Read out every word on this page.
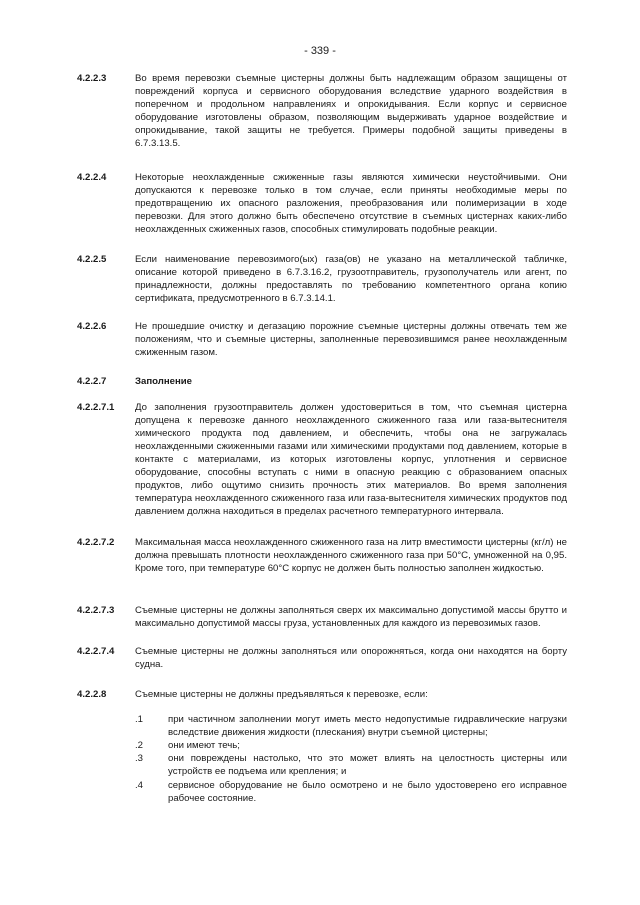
- 339 -
4.2.2.3	Во время перевозки съемные цистерны должны быть надлежащим образом защищены от повреждений корпуса и сервисного оборудования вследствие ударного воздействия в поперечном и продольном направлениях и опрокидывания. Если корпус и сервисное оборудование изготовлены образом, позволяющим выдерживать ударное воздействие и опрокидывание, такой защиты не требуется. Примеры подобной защиты приведены в 6.7.3.13.5.
4.2.2.4	Некоторые неохлажденные сжиженные газы являются химически неустойчивыми. Они допускаются к перевозке только в том случае, если приняты необходимые меры по предотвращению их опасного разложения, преобразования или полимеризации в ходе перевозки. Для этого должно быть обеспечено отсутствие в съемных цистернах каких-либо неохлажденных сжиженных газов, способных стимулировать подобные реакции.
4.2.2.5	Если наименование перевозимого(ых) газа(ов) не указано на металлической табличке, описание которой приведено в 6.7.3.16.2, грузоотправитель, грузополучатель или агент, по принадлежности, должны предоставлять по требованию компетентного органа копию сертификата, предусмотренного в 6.7.3.14.1.
4.2.2.6	Не прошедшие очистку и дегазацию порожние съемные цистерны должны отвечать тем же положениям, что и съемные цистерны, заполненные перевозившимся ранее неохлажденным сжиженным газом.
4.2.2.7	Заполнение
4.2.2.7.1	До заполнения грузоотправитель должен удостовериться в том, что съемная цистерна допущена к перевозке данного неохлажденного сжиженного газа или газа-вытеснителя химического продукта под давлением, и обеспечить, чтобы она не загружалась неохлажденными сжиженными газами или химическими продуктами под давлением, которые в контакте с материалами, из которых изготовлены корпус, уплотнения и сервисное оборудование, способны вступать с ними в опасную реакцию с образованием опасных продуктов, либо ощутимо снизить прочность этих материалов. Во время заполнения температура неохлажденного сжиженного газа или газа-вытеснителя химических продуктов под давлением должна находиться в пределах расчетного температурного интервала.
4.2.2.7.2	Максимальная масса неохлажденного сжиженного газа на литр вместимости цистерны (кг/л) не должна превышать плотности неохлажденного сжиженного газа при 50°С, умноженной на 0,95. Кроме того, при температуре 60°С корпус не должен быть полностью заполнен жидкостью.
4.2.2.7.3	Съемные цистерны не должны заполняться сверх их максимально допустимой массы брутто и максимально допустимой массы груза, установленных для каждого из перевозимых газов.
4.2.2.7.4	Съемные цистерны не должны заполняться или опорожняться, когда они находятся на борту судна.
4.2.2.8	Съемные цистерны не должны предъявляться к перевозке, если:
.1	при частичном заполнении могут иметь место недопустимые гидравлические нагрузки вследствие движения жидкости (плескания) внутри съемной цистерны;
.2	они имеют течь;
.3	они повреждены настолько, что это может влиять на целостность цистерны или устройств ее подъема или крепления; и
.4	сервисное оборудование не было осмотрено и не было удостоверено его исправное рабочее состояние.
